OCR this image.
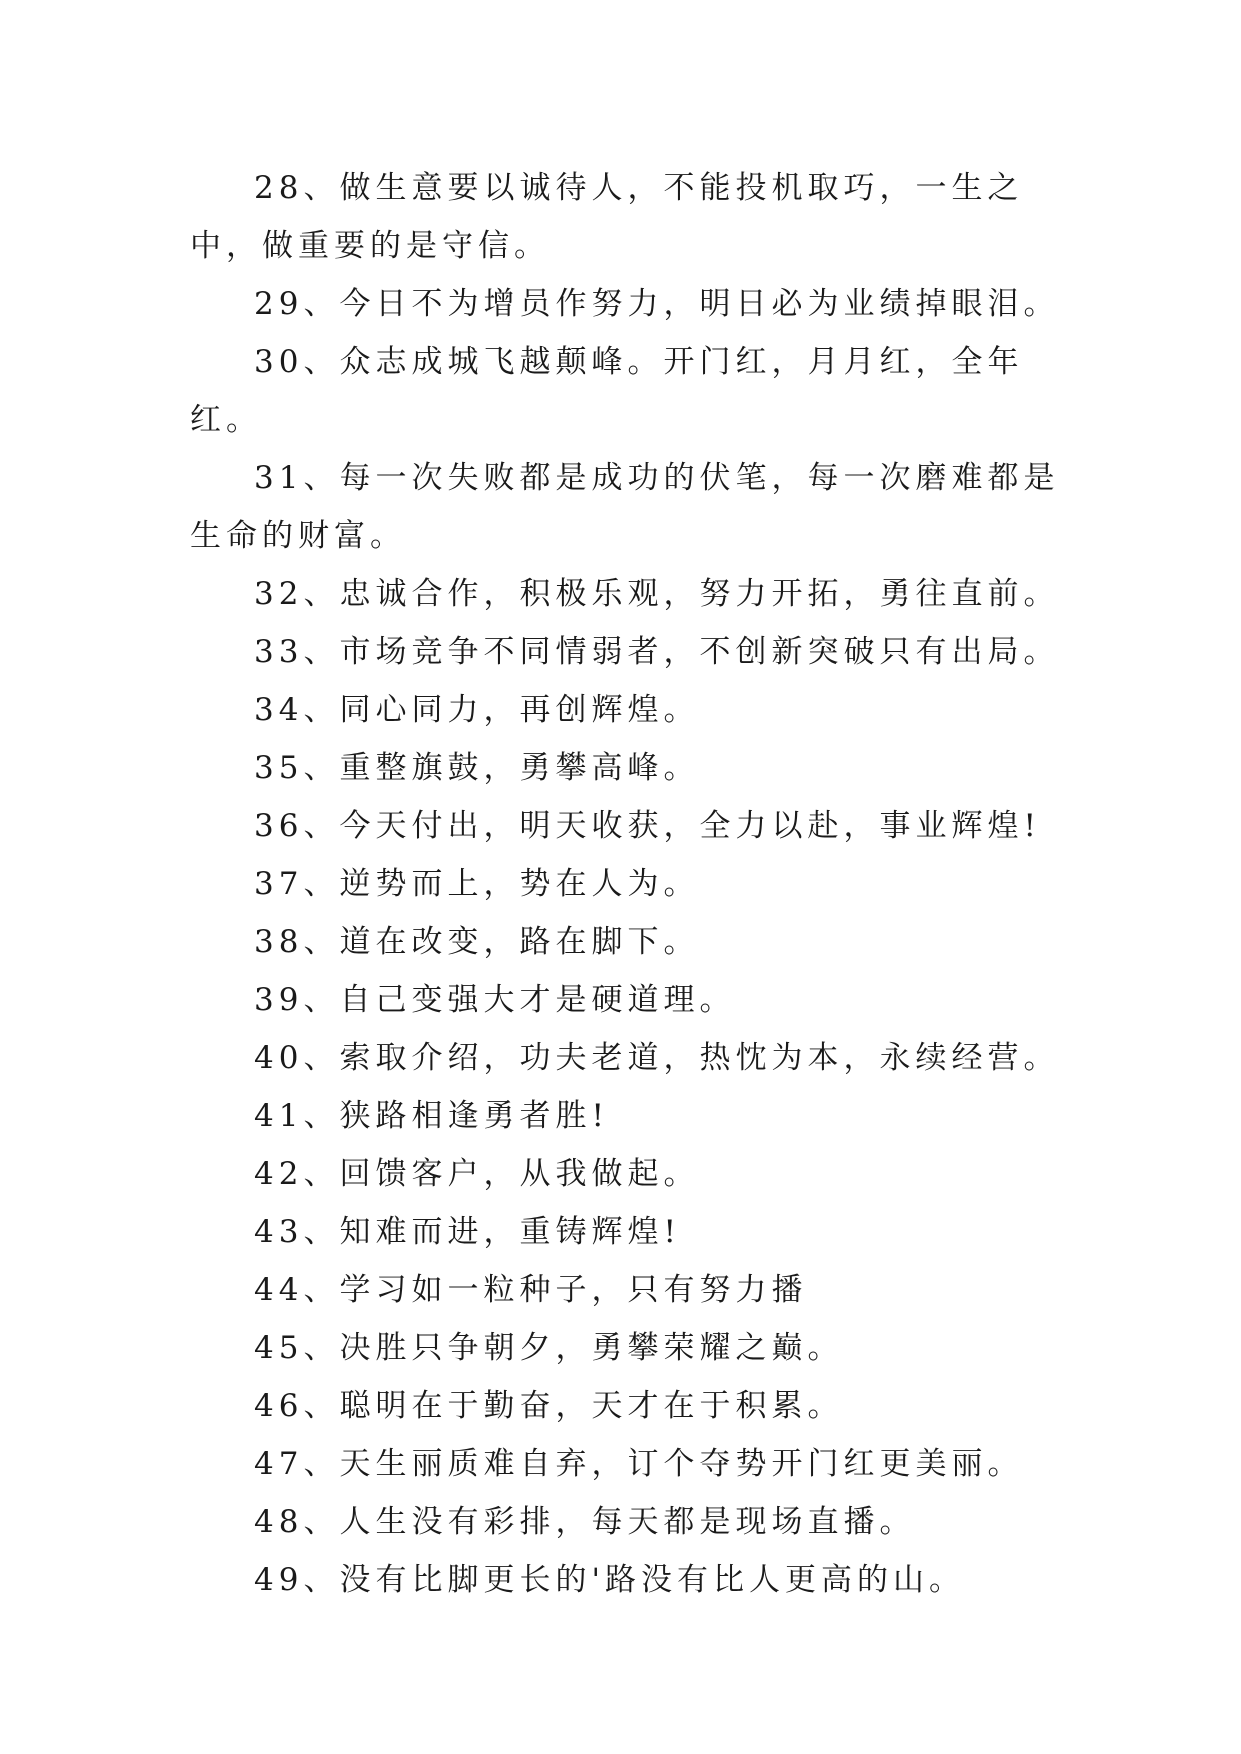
28、做生意要以诚待人，不能投机取巧，一生之中，做重要的是守信。

29、今日不为增员作努力，明日必为业绩掉眼泪。

30、众志成城飞越颠峰。开门红，月月红，全年红。

31、每一次失败都是成功的伏笔，每一次磨难都是生命的财富。

32、忠诚合作，积极乐观，努力开拓，勇往直前。

33、市场竞争不同情弱者，不创新突破只有出局。

34、同心同力，再创辉煌。

35、重整旗鼓，勇攀高峰。

36、今天付出，明天收获，全力以赴，事业辉煌!

37、逆势而上，势在人为。

38、道在改变，路在脚下。

39、自己变强大才是硬道理。

40、索取介绍，功夫老道，热忱为本，永续经营。

41、狭路相逢勇者胜!

42、回馈客户，从我做起。

43、知难而进，重铸辉煌!

44、学习如一粒种子，只有努力播

45、决胜只争朝夕，勇攀荣耀之巅。

46、聪明在于勤奋，天才在于积累。

47、天生丽质难自弃，订个夺势开门红更美丽。

48、人生没有彩排，每天都是现场直播。

49、没有比脚更长的'路没有比人更高的山。
